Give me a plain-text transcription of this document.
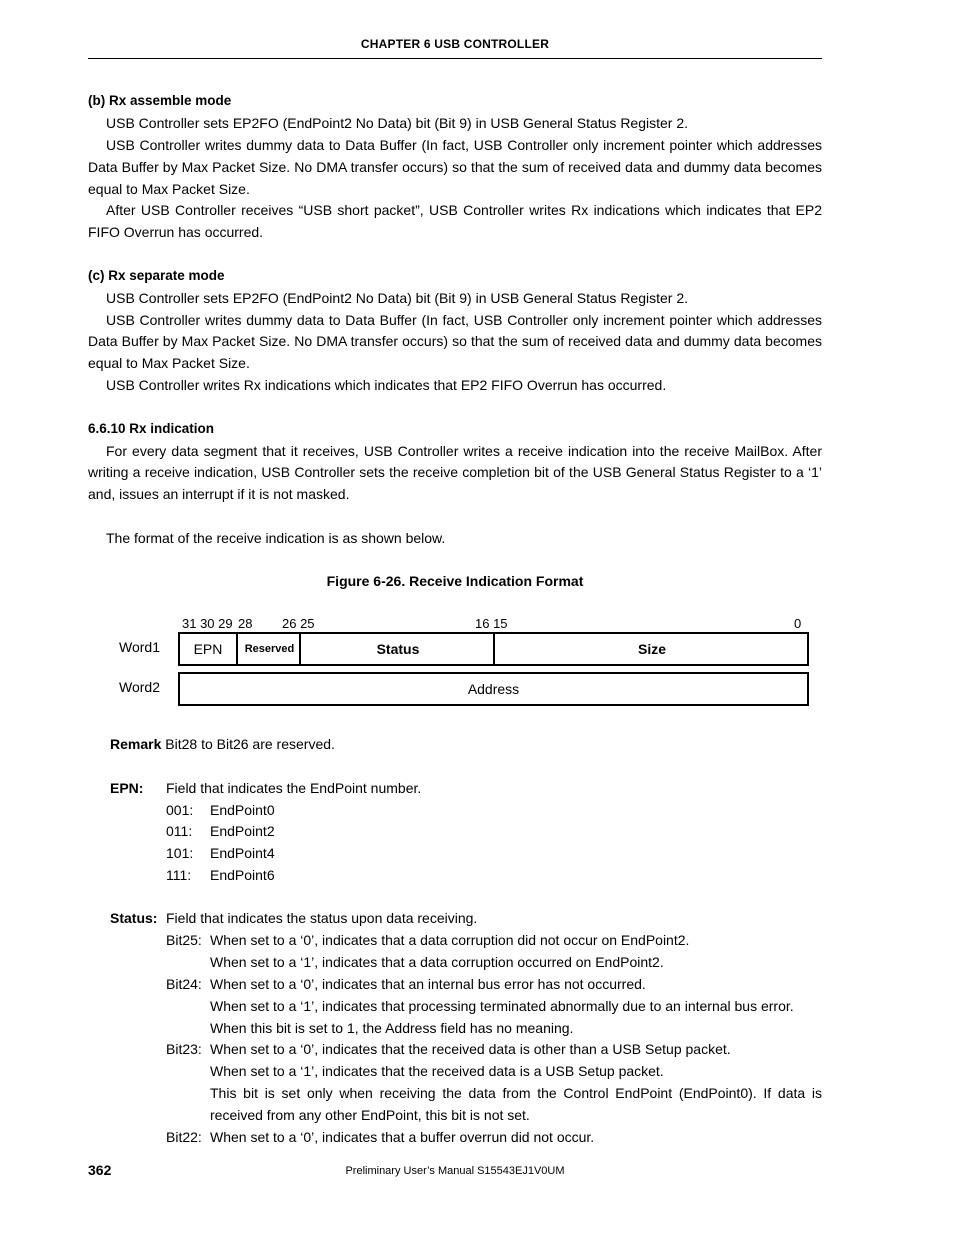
CHAPTER 6 USB CONTROLLER
(b) Rx assemble mode
USB Controller sets EP2FO (EndPoint2 No Data) bit (Bit 9) in USB General Status Register 2.
USB Controller writes dummy data to Data Buffer (In fact, USB Controller only increment pointer which addresses
Data Buffer by Max Packet Size. No DMA transfer occurs) so that the sum of received data and dummy data becomes
equal to Max Packet Size.
After USB Controller receives “USB short packet”, USB Controller writes Rx indications which indicates that EP2
FIFO Overrun has occurred.
(c) Rx separate mode
USB Controller sets EP2FO (EndPoint2 No Data) bit (Bit 9) in USB General Status Register 2.
USB Controller writes dummy data to Data Buffer (In fact, USB Controller only increment pointer which addresses
Data Buffer by Max Packet Size. No DMA transfer occurs) so that the sum of received data and dummy data becomes
equal to Max Packet Size.
USB Controller writes Rx indications which indicates that EP2 FIFO Overrun has occurred.
6.6.10 Rx indication
For every data segment that it receives, USB Controller writes a receive indication into the receive MailBox. After
writing a receive indication, USB Controller sets the receive completion bit of the USB General Status Register to a ‘1’
and, issues an interrupt if it is not masked.
The format of the receive indication is as shown below.
Figure 6-26. Receive Indication Format
31 30 29 28 26 25	16 15	0
Word1 EPN Reserved	Status	Size
Word2	Address
Remark Bit28 to Bit26 are reserved.
EPN: Field that indicates the EndPoint number.
001: EndPoint0
011: EndPoint2
101: EndPoint4
111: EndPoint6
Status: Field that indicates the status upon data receiving.
Bit25: When set to a ‘0’, indicates that a data corruption did not occur on EndPoint2.
When set to a ‘1’, indicates that a data corruption occurred on EndPoint2.
Bit24: When set to a ‘0’, indicates that an internal bus error has not occurred.
When set to a ‘1’, indicates that processing terminated abnormally due to an internal bus error.
When this bit is set to 1, the Address field has no meaning.
Bit23: When set to a ‘0’, indicates that the received data is other than a USB Setup packet.
When set to a ‘1’, indicates that the received data is a USB Setup packet.
This bit is set only when receiving the data from the Control EndPoint (EndPoint0). If data is
received from any other EndPoint, this bit is not set.
Bit22: When set to a ‘0’, indicates that a buffer overrun did not occur.
362	Preliminary User’s Manual S15543EJ1V0UM
